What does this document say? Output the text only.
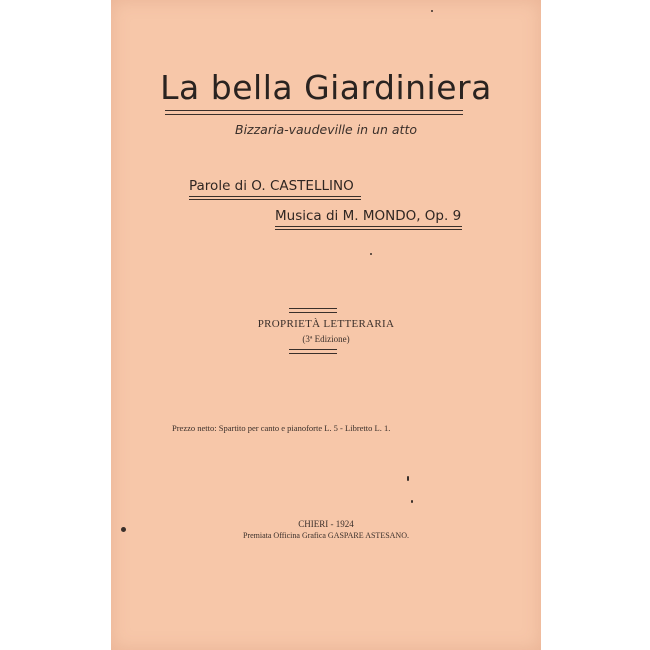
La bella Giardiniera
Bizzaria-vaudeville in un atto
Parole di O. CASTELLINO
Musica di M. MONDO, Op. 9
PROPRIETÀ LETTERARIA
(3ª Edizione)
Prezzo netto: Spartito per canto e pianoforte L. 5 - Libretto L. 1.
CHIERI - 1924
Premiata Officina Grafica GASPARE ASTESANO.
